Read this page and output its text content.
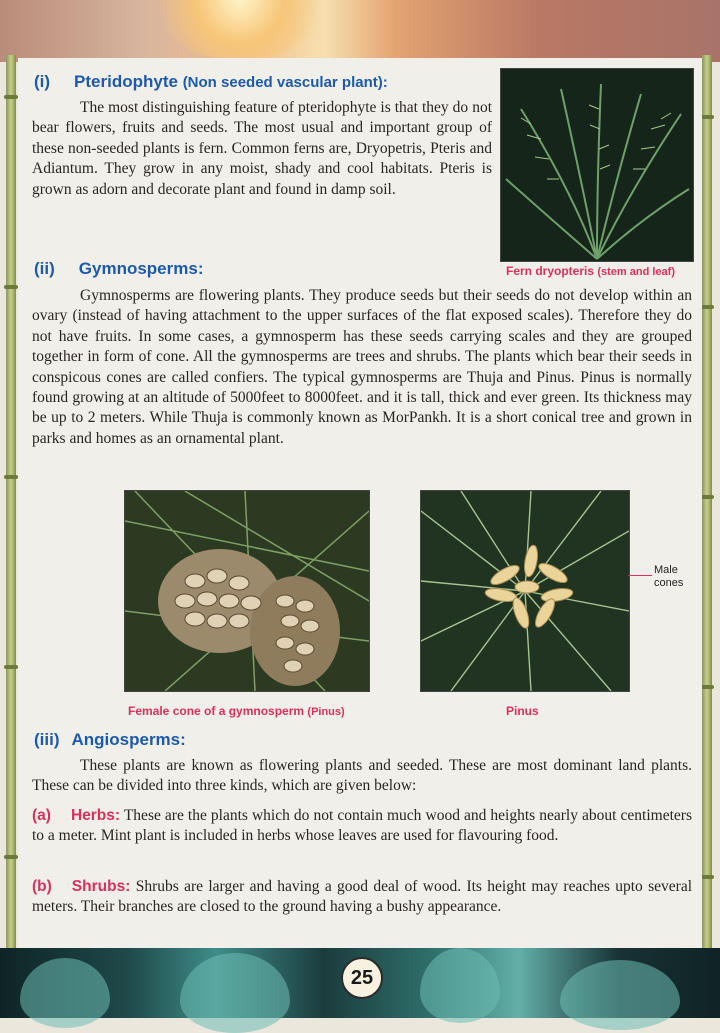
(i) Pteridophyte (Non seeded vascular plant):
The most distinguishing feature of pteridophyte is that they do not bear flowers, fruits and seeds. The most usual and important group of these non-seeded plants is fern. Common ferns are, Dryopetris, Pteris and Adiantum. They grow in any moist, shady and cool habitats. Pteris is grown as adorn and decorate plant and found in damp soil.
Fern dryopteris (stem and leaf)
(ii) Gymnosperms:
Gymnosperms are flowering plants. They produce seeds but their seeds do not develop within an ovary (instead of having attachment to the upper surfaces of the flat exposed scales). Therefore they do not have fruits. In some cases, a gymnosperm has these seeds carrying scales and they are grouped together in form of cone. All the gymnosperms are trees and shrubs. The plants which bear their seeds in conspicous cones are called confiers. The typical gymnosperms are Thuja and Pinus. Pinus is normally found growing at an altitude of 5000feet to 8000feet. and it is tall, thick and ever green. Its thickness may be up to 2 meters. While Thuja is commonly known as MorPankh. It is a short conical tree and grown in parks and homes as an ornamental plant.
Female cone of a gymnosperm (Pinus)	Pinus
Male
cones
(iii) Angiosperms:
These plants are known as flowering plants and seeded. These are most dominant land plants. These can be divided into three kinds, which are given below:
(a) Herbs: These are the plants which do not contain much wood and heights nearly about centimeters to a meter. Mint plant is included in herbs whose leaves are used for flavouring food.
(b) Shrubs: Shrubs are larger and having a good deal of wood. Its height may reaches upto several meters. Their branches are closed to the ground having a bushy appearance.
25
